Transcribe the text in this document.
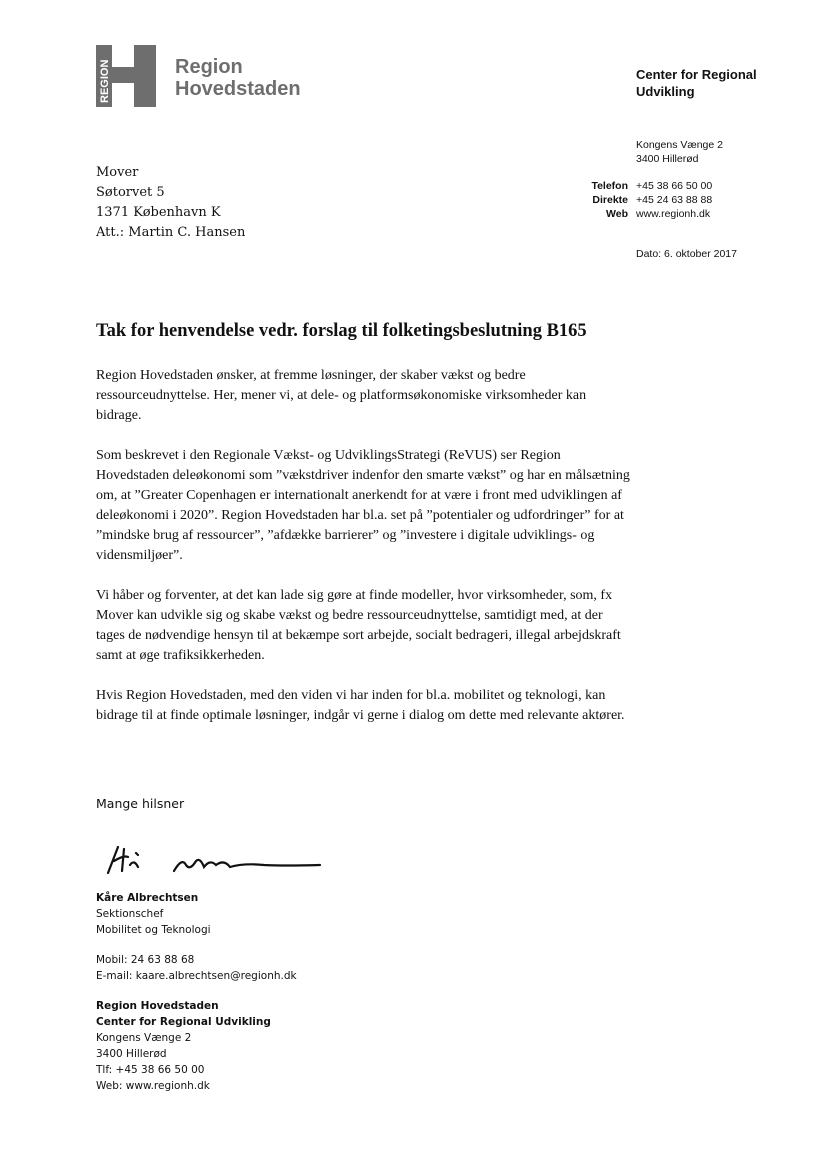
REGION	Region
Hovedstaden
Center for Regional
Udvikling
Kongens Vænge 2
3400 Hillerød
Telefon +45 38 66 50 00
Direkte +45 24 63 88 88
Web www.regionh.dk
Dato: 6. oktober 2017
Mover
Søtorvet 5
1371 København K
Att.: Martin C. Hansen
Tak for henvendelse vedr. forslag til folketingsbeslutning B165

Region Hovedstaden ønsker, at fremme løsninger, der skaber vækst og bedre ressourceudnyttelse. Her, mener vi, at dele- og platformsøkonomiske virksomheder kan bidrage.

Som beskrevet i den Regionale Vækst- og UdviklingsStrategi (ReVUS) ser Region Hovedstaden deleøkonomi som ”vækstdriver indenfor den smarte vækst” og har en målsætning om, at ”Greater Copenhagen er internationalt anerkendt for at være i front med udviklingen af deleøkonomi i 2020”. Region Hovedstaden har bl.a. set på ”potentialer og udfordringer” for at ”mindske brug af ressourcer”, ”afdække barrierer” og ”investere i digitale udviklings- og vidensmiljøer”.

Vi håber og forventer, at det kan lade sig gøre at finde modeller, hvor virksomheder, som, fx Mover kan udvikle sig og skabe vækst og bedre ressourceudnyttelse, samtidigt med, at der tages de nødvendige hensyn til at bekæmpe sort arbejde, socialt bedrageri, illegal arbejdskraft samt at øge trafiksikkerheden.

Hvis Region Hovedstaden, med den viden vi har inden for bl.a. mobilitet og teknologi, kan bidrage til at finde optimale løsninger, indgår vi gerne i dialog om dette med relevante aktører.

Mange hilsner
Kåre Albrechtsen
Sektionschef
Mobilitet og Teknologi
Mobil: 24 63 88 68
E-mail: kaare.albrechtsen@regionh.dk
Region Hovedstaden
Center for Regional Udvikling
Kongens Vænge 2
3400 Hillerød
Tlf: +45 38 66 50 00
Web: www.regionh.dk
